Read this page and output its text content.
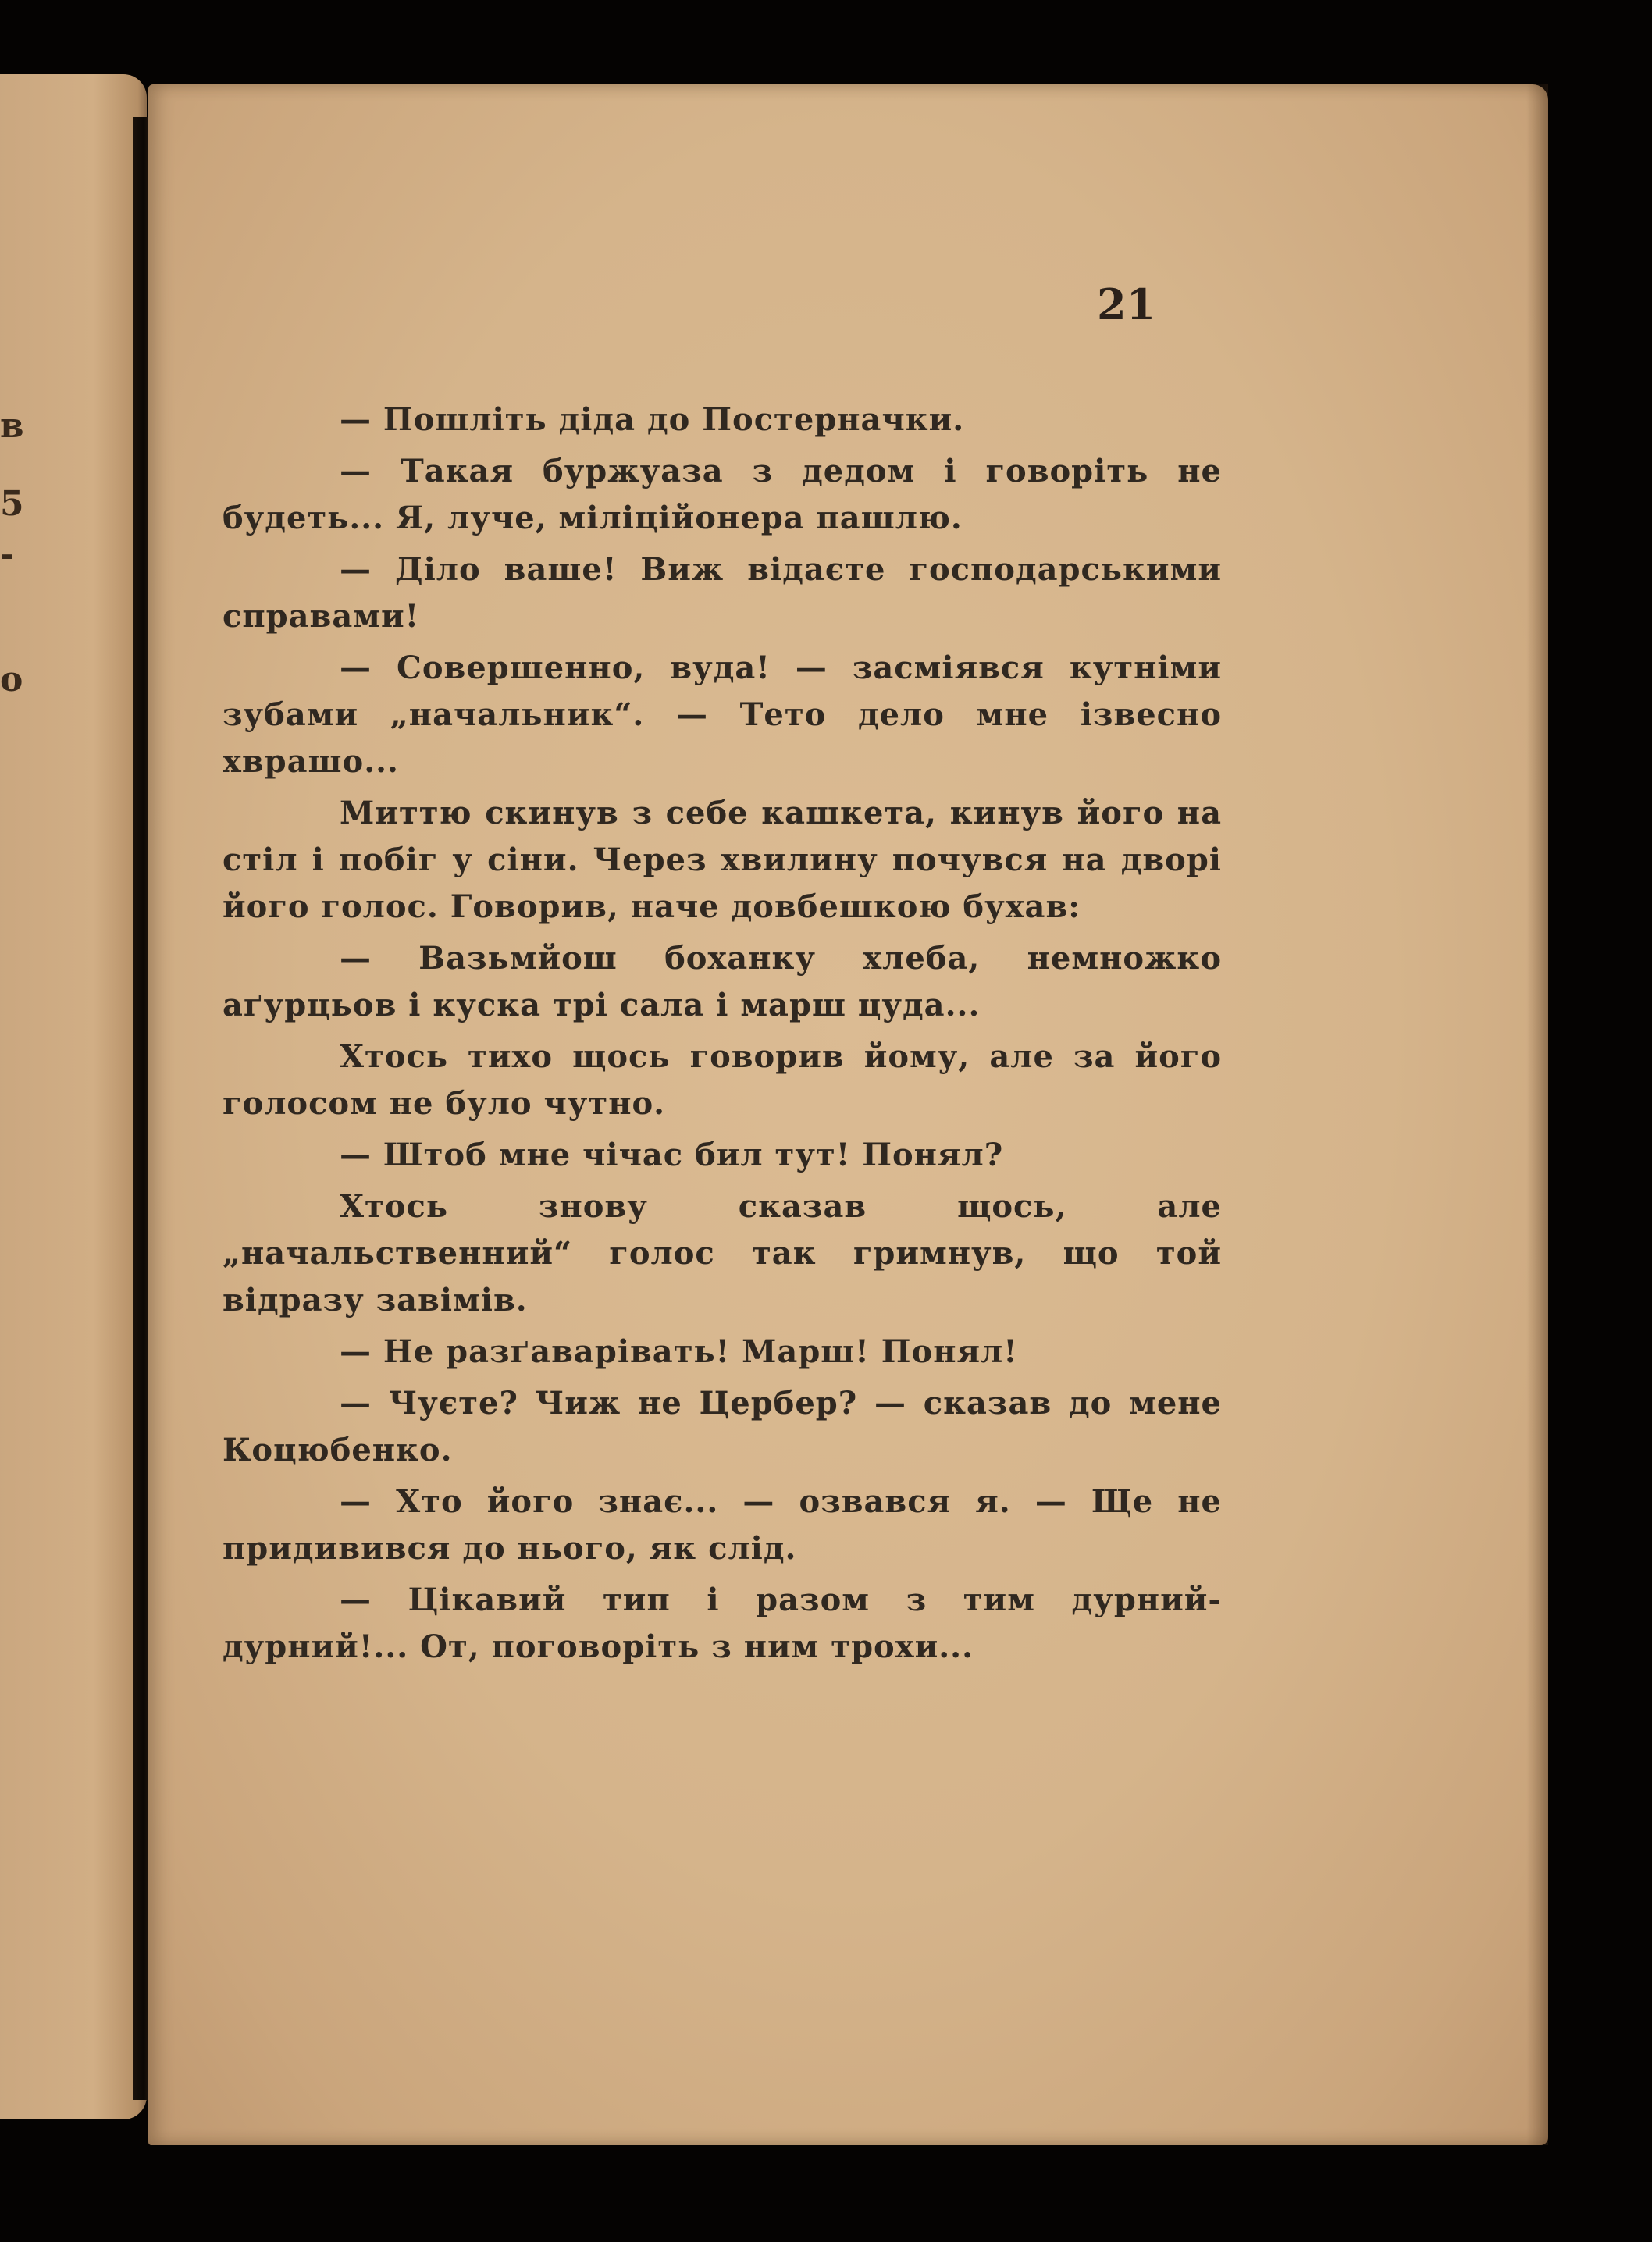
в
5
-
о
21

— Пошліть діда до Постерначки.

— Такая буржуаза з дедом і говоріть не будеть... Я, луче, міліційонера пашлю.

— Діло ваше! Виж відаєте господарськими справами!

— Совершенно, вуда! — засміявся кутніми зубами „начальник“. — Тето дело мне ізвесно хврашо...

Миттю скинув з себе кашкета, кинув його на стіл і побіг у сіни. Через хвилину почувся на дворі його голос. Говорив, наче довбешкою бухав:

— Вазьмйош боханку хлеба, немножко аґурцьов і куска трі сала і марш цуда...

Хтось тихо щось говорив йому, але за його голосом не було чутно.

— Штоб мне чічас бил тут! Понял?

Хтось знову сказав щось, але „начальственний“ голос так гримнув, що той відразу завімів.

— Не разґаварівать! Марш! Понял!

— Чуєте? Чиж не Цербер? — сказав до мене Коцюбенко.

— Хто його знає... — озвався я. — Ще не придивився до нього, як слід.

— Цікавий тип і разом з тим дурний-дурний!... От, поговоріть з ним трохи...
